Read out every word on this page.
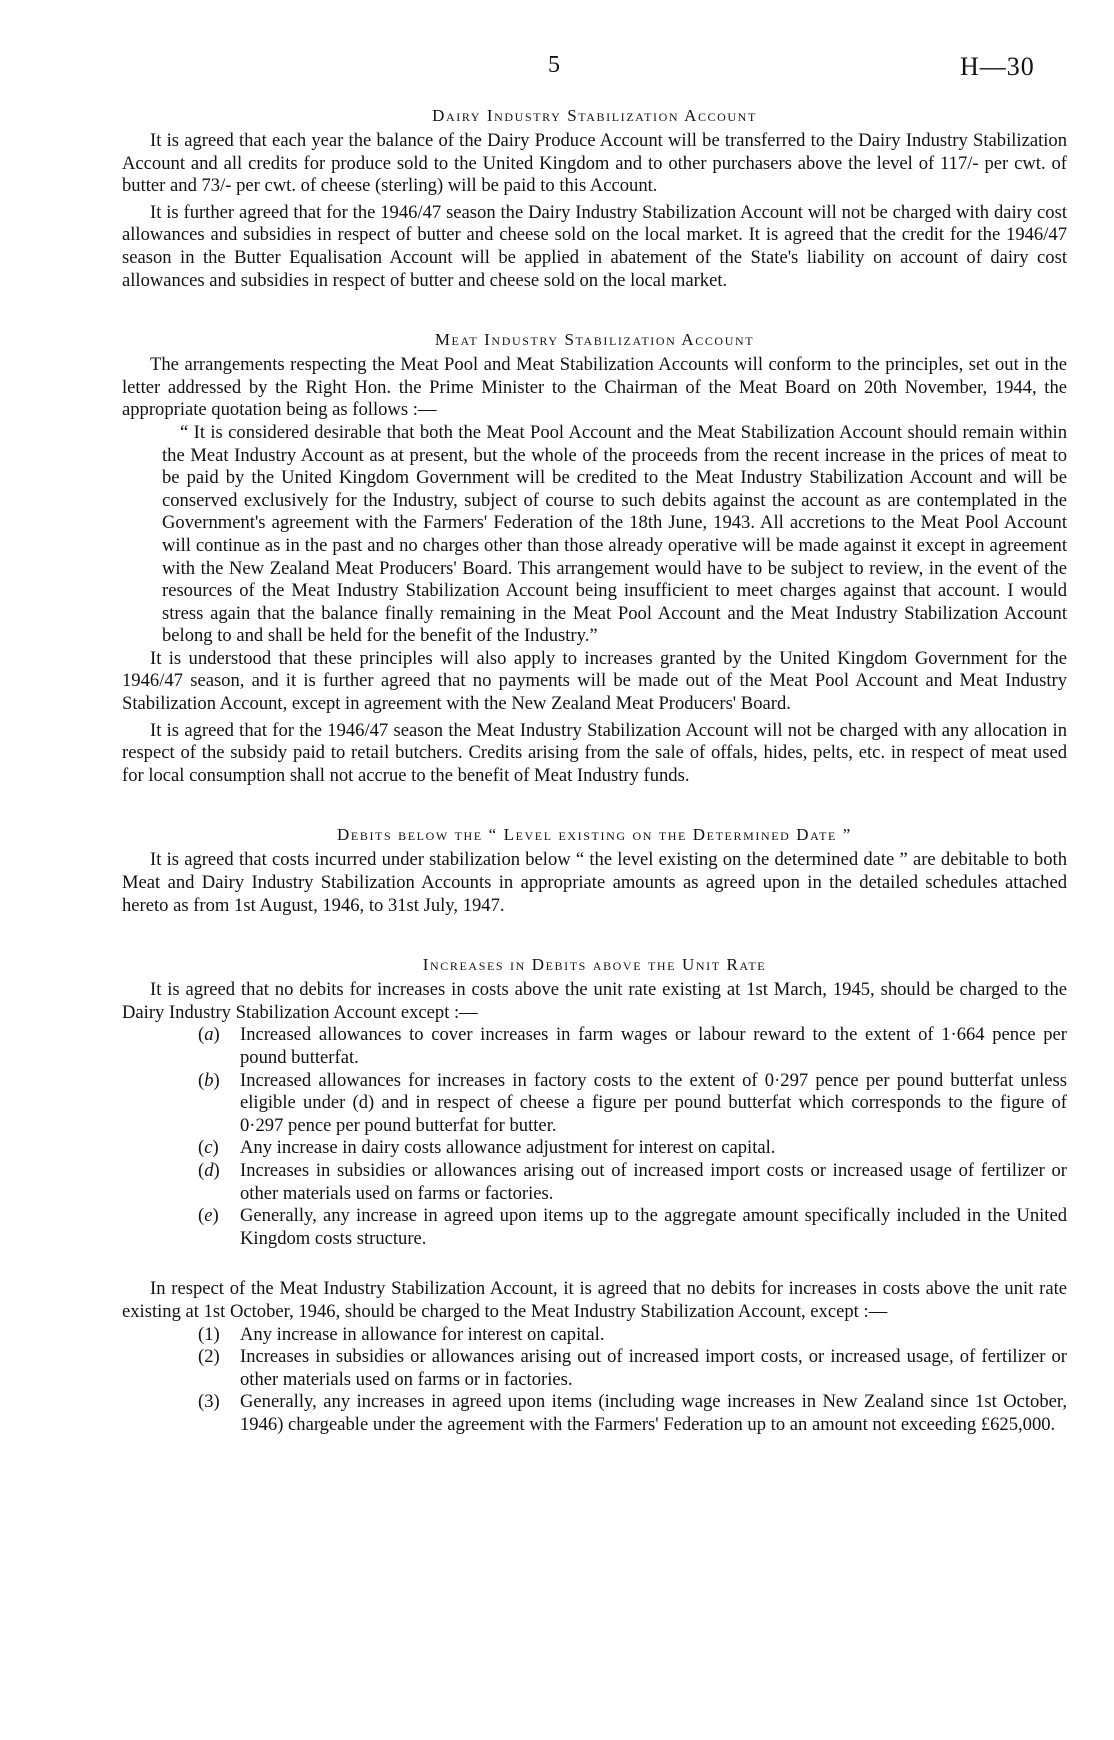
5	H—30
Dairy Industry Stabilization Account

It is agreed that each year the balance of the Dairy Produce Account will be transferred to the Dairy Industry Stabilization Account and all credits for produce sold to the United Kingdom and to other purchasers above the level of 117/- per cwt. of butter and 73/- per cwt. of cheese (sterling) will be paid to this Account.

It is further agreed that for the 1946/47 season the Dairy Industry Stabilization Account will not be charged with dairy cost allowances and subsidies in respect of butter and cheese sold on the local market. It is agreed that the credit for the 1946/47 season in the Butter Equalisation Account will be applied in abatement of the State's liability on account of dairy cost allowances and subsidies in respect of butter and cheese sold on the local market.

Meat Industry Stabilization Account

The arrangements respecting the Meat Pool and Meat Stabilization Accounts will conform to the principles, set out in the letter addressed by the Right Hon. the Prime Minister to the Chairman of the Meat Board on 20th November, 1944, the appropriate quotation being as follows :—

“ It is considered desirable that both the Meat Pool Account and the Meat Stabilization Account should remain within the Meat Industry Account as at present, but the whole of the proceeds from the recent increase in the prices of meat to be paid by the United Kingdom Government will be credited to the Meat Industry Stabilization Account and will be conserved exclusively for the Industry, subject of course to such debits against the account as are contemplated in the Government's agreement with the Farmers' Federation of the 18th June, 1943. All accretions to the Meat Pool Account will continue as in the past and no charges other than those already operative will be made against it except in agreement with the New Zealand Meat Producers' Board. This arrangement would have to be subject to review, in the event of the resources of the Meat Industry Stabilization Account being insufficient to meet charges against that account. I would stress again that the balance finally remaining in the Meat Pool Account and the Meat Industry Stabilization Account belong to and shall be held for the benefit of the Industry.”

It is understood that these principles will also apply to increases granted by the United Kingdom Government for the 1946/47 season, and it is further agreed that no payments will be made out of the Meat Pool Account and Meat Industry Stabilization Account, except in agreement with the New Zealand Meat Producers' Board.

It is agreed that for the 1946/47 season the Meat Industry Stabilization Account will not be charged with any allocation in respect of the subsidy paid to retail butchers. Credits arising from the sale of offals, hides, pelts, etc. in respect of meat used for local consumption shall not accrue to the benefit of Meat Industry funds.

Debits below the “ Level existing on the Determined Date ”

It is agreed that costs incurred under stabilization below “ the level existing on the determined date ” are debitable to both Meat and Dairy Industry Stabilization Accounts in appropriate amounts as agreed upon in the detailed schedules attached hereto as from 1st August, 1946, to 31st July, 1947.

Increases in Debits above the Unit Rate

It is agreed that no debits for increases in costs above the unit rate existing at 1st March, 1945, should be charged to the Dairy Industry Stabilization Account except :—

(a)	Increased allowances to cover increases in farm wages or labour reward to the extent of 1·664 pence per pound butterfat.
(b)	Increased allowances for increases in factory costs to the extent of 0·297 pence per pound butterfat unless eligible under (d) and in respect of cheese a figure per pound butterfat which corresponds to the figure of 0·297 pence per pound butterfat for butter.
(c)	Any increase in dairy costs allowance adjustment for interest on capital.
(d)	Increases in subsidies or allowances arising out of increased import costs or increased usage of fertilizer or other materials used on farms or factories.
(e)	Generally, any increase in agreed upon items up to the aggregate amount specifically included in the United Kingdom costs structure.

In respect of the Meat Industry Stabilization Account, it is agreed that no debits for increases in costs above the unit rate existing at 1st October, 1946, should be charged to the Meat Industry Stabilization Account, except :—

(1)	Any increase in allowance for interest on capital.
(2)	Increases in subsidies or allowances arising out of increased import costs, or increased usage, of fertilizer or other materials used on farms or in factories.
(3)	Generally, any increases in agreed upon items (including wage increases in New Zealand since 1st October, 1946) chargeable under the agreement with the Farmers' Federation up to an amount not exceeding £625,000.
